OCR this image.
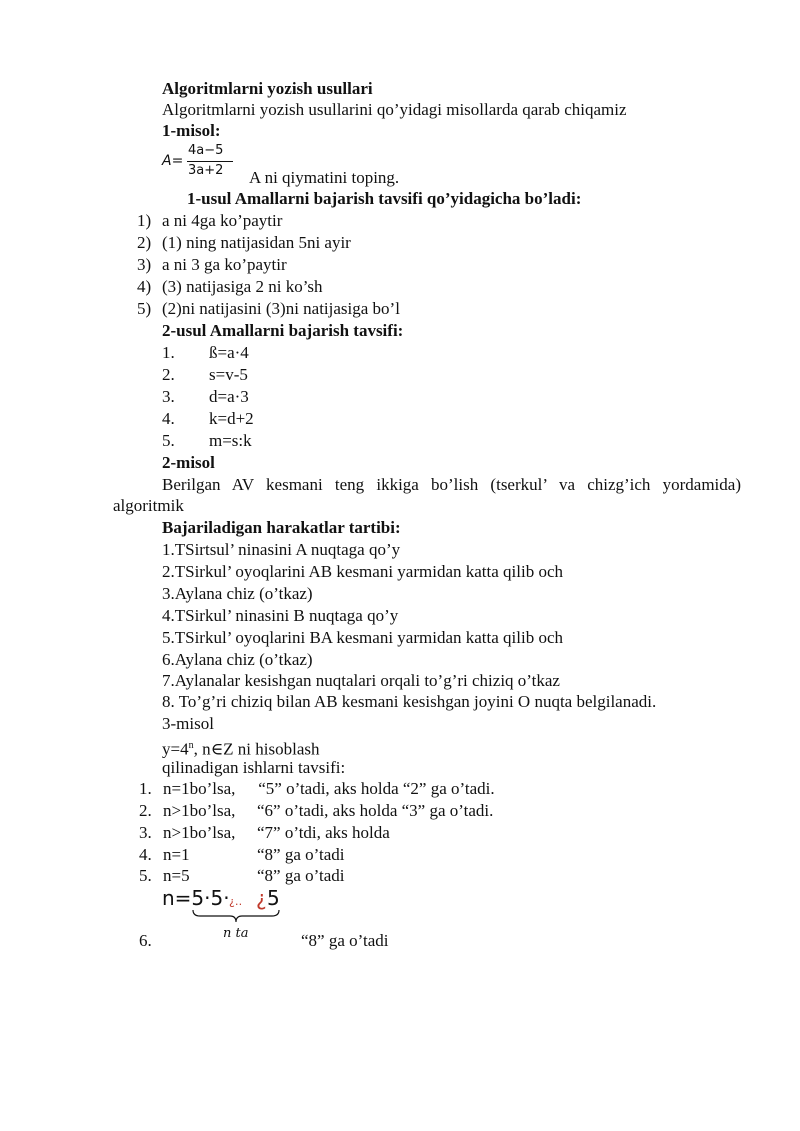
Algoritmlarni yozish usullari
Algoritmlarni yozish usullarini qo’yidagi misollarda qarab chiqamiz
1-misol:
A=
4a−5
3a+2 A ni qiymatini toping.
1-usul Amallarni bajarish tavsifi qo’yidagicha bo’ladi:
1) a ni 4ga ko’paytir
2) (1) ning natijasidan 5ni ayir
3) a ni 3 ga ko’paytir
4) (3) natijasiga 2 ni ko’sh
5) (2)ni natijasini (3)ni natijasiga bo’l
2-usul Amallarni bajarish tavsifi:
1. ß=a·4
2. s=v-5
3. d=a·3
4. k=d+2
5. m=s:k
2-misol
Berilgan AV kesmani teng ikkiga bo’lish (tserkul’ va chizg’ich yordamida)
algoritmik
Bajariladigan harakatlar tartibi:
1.TSirtsul’ ninasini A nuqtaga qo’y
2.TSirkul’ oyoqlarini AB kesmani yarmidan katta qilib och
3.Aylana chiz (o’tkaz)
4.TSirkul’ ninasini B nuqtaga qo’y
5.TSirkul’ oyoqlarini BA kesmani yarmidan katta qilib och
6.Aylana chiz (o’tkaz)
7.Aylanalar kesishgan nuqtalari orqali to’g’ri chiziq o’tkaz
8. To’g’ri chiziq bilan AB kesmani kesishgan joyini O nuqta belgilanadi.
3-misol
$y=4^n$, n∈Z ni hisoblash
qilinadigan ishlarni tavsifi:
1. n=1bo’lsa, “5” o’tadi, aks holda “2” ga o’tadi.
2. n>1bo’lsa, “6” o’tadi, aks holda “3” ga o’tadi.
3. n>1bo’lsa, “7” o’tdi, aks holda
4. n=1	“8” ga o’tadi
5. n=5	“8” ga o’tadi
n=5·5· ¿‥ ¿ 5
n ta
6.	“8” ga o’tadi
